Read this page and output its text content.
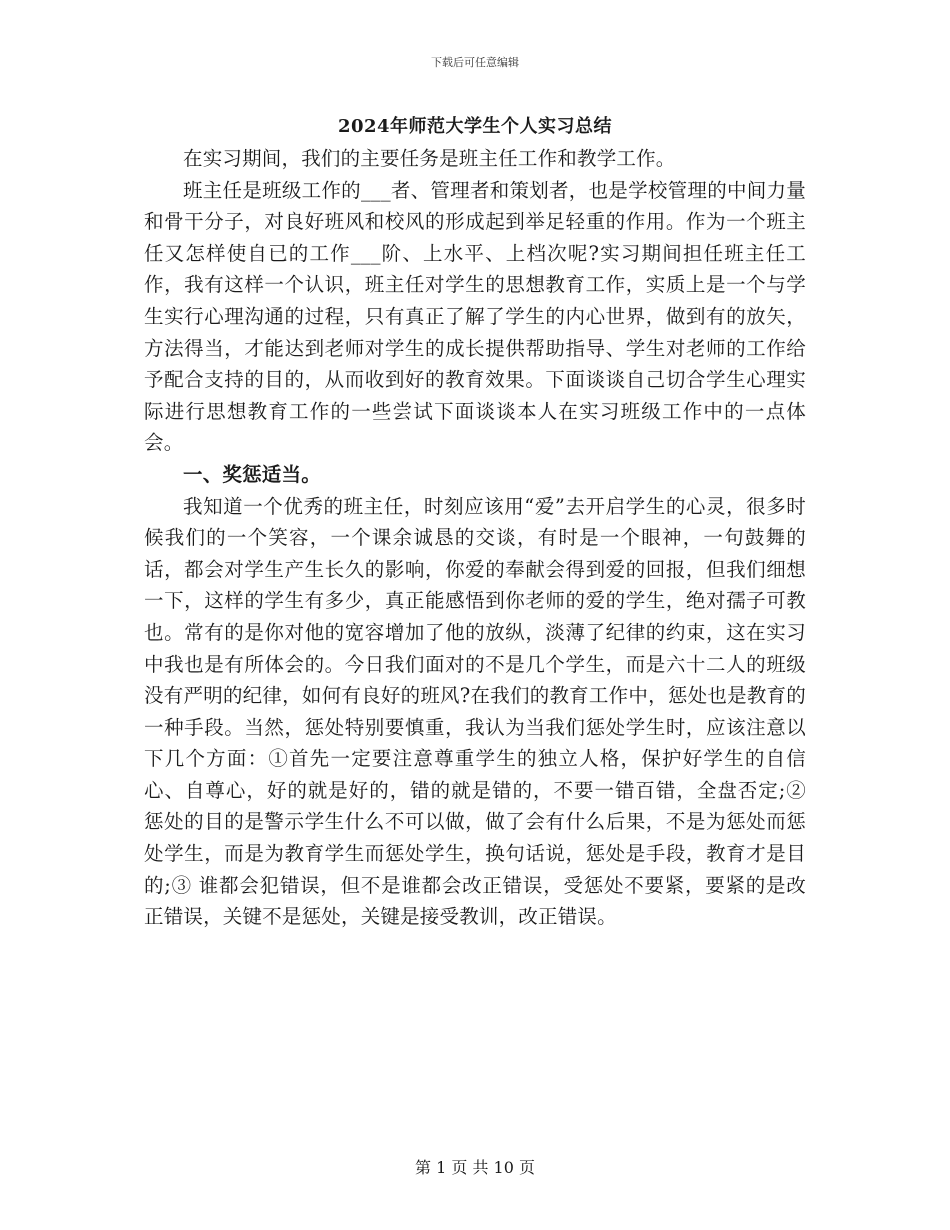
下载后可任意编辑
2024年师范大学生个人实习总结

在实习期间，我们的主要任务是班主任工作和教学工作。

班主任是班级工作的___者、管理者和策划者，也是学校管理的中间力量和骨干分子，对良好班风和校风的形成起到举足轻重的作用。作为一个班主任又怎样使自已的工作___阶、上水平、上档次呢?实习期间担任班主任工作，我有这样一个认识，班主任对学生的思想教育工作，实质上是一个与学生实行心理沟通的过程，只有真正了解了学生的内心世界，做到有的放矢，方法得当，才能达到老师对学生的成长提供帮助指导、学生对老师的工作给予配合支持的目的，从而收到好的教育效果。下面谈谈自己切合学生心理实际进行思想教育工作的一些尝试下面谈谈本人在实习班级工作中的一点体会。

一、奖惩适当。

我知道一个优秀的班主任，时刻应该用“爱”去开启学生的心灵，很多时候我们的一个笑容，一个课余诚恳的交谈，有时是一个眼神，一句鼓舞的话，都会对学生产生长久的影响，你爱的奉献会得到爱的回报，但我们细想一下，这样的学生有多少，真正能感悟到你老师的爱的学生，绝对孺子可教也。常有的是你对他的宽容增加了他的放纵，淡薄了纪律的约束，这在实习中我也是有所体会的。今日我们面对的不是几个学生，而是六十二人的班级没有严明的纪律，如何有良好的班风?在我们的教育工作中，惩处也是教育的一种手段。当然，惩处特别要慎重，我认为当我们惩处学生时，应该注意以下几个方面：①首先一定要注意尊重学生的独立人格，保护好学生的自信心、自尊心，好的就是好的，错的就是错的，不要一错百错，全盘否定;② 惩处的目的是警示学生什么不可以做，做了会有什么后果，不是为惩处而惩处学生，而是为教育学生而惩处学生，换句话说，惩处是手段，教育才是目的;③ 谁都会犯错误，但不是谁都会改正错误，受惩处不要紧，要紧的是改正错误，关键不是惩处，关键是接受教训，改正错误。

第 1 页 共 10 页
